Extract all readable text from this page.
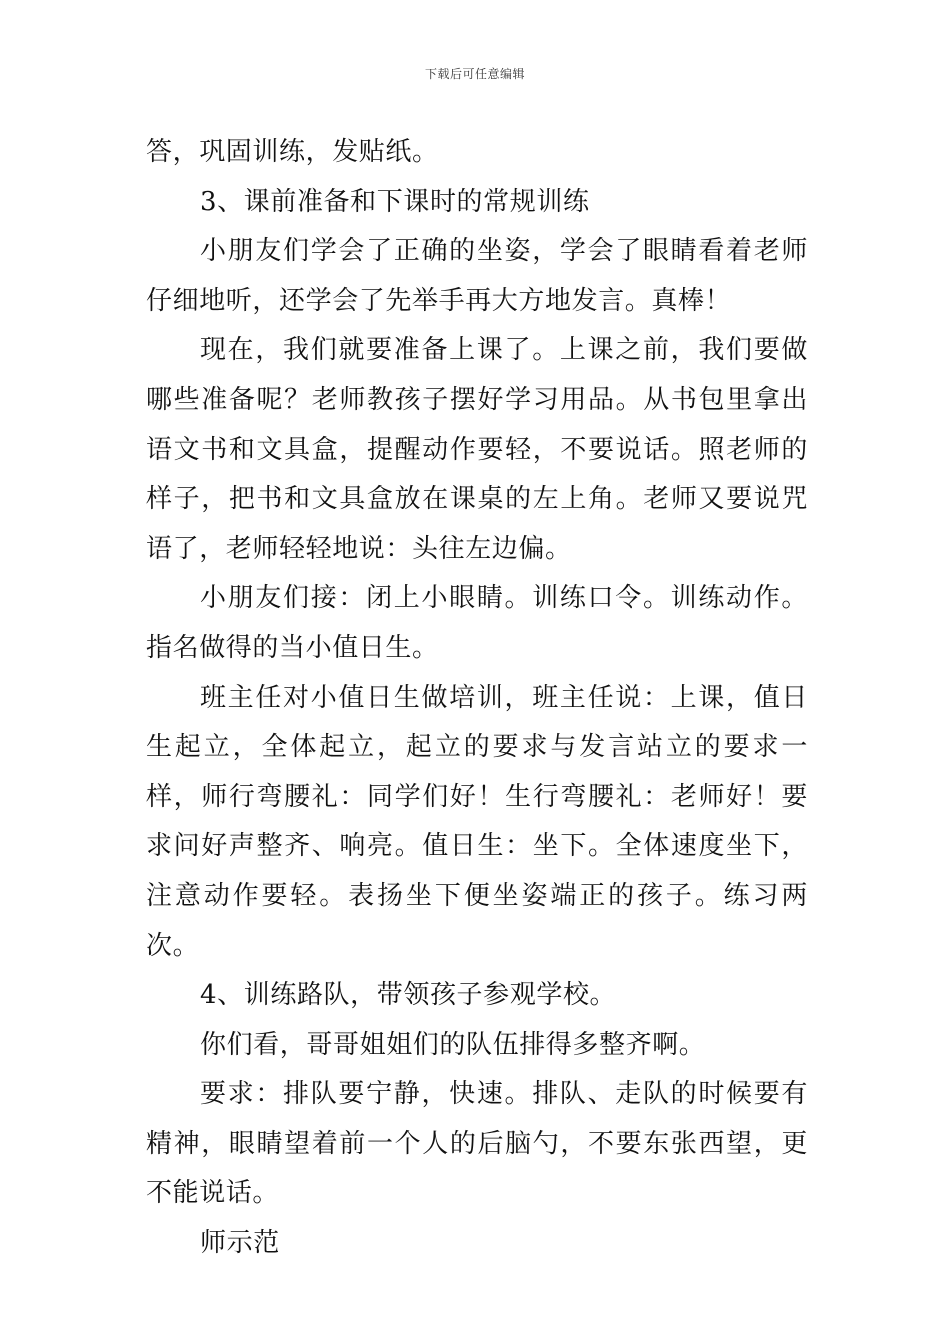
下载后可任意编辑

答，巩固训练，发贴纸。

3、课前准备和下课时的常规训练

小朋友们学会了正确的坐姿，学会了眼睛看着老师仔细地听，还学会了先举手再大方地发言。真棒！

现在，我们就要准备上课了。上课之前，我们要做哪些准备呢？老师教孩子摆好学习用品。从书包里拿出语文书和文具盒，提醒动作要轻，不要说话。照老师的样子，把书和文具盒放在课桌的左上角。老师又要说咒语了，老师轻轻地说：头往左边偏。

小朋友们接：闭上小眼睛。训练口令。训练动作。指名做得的当小值日生。

班主任对小值日生做培训，班主任说：上课，值日生起立，全体起立，起立的要求与发言站立的要求一样，师行弯腰礼：同学们好！生行弯腰礼：老师好！要求问好声整齐、响亮。值日生：坐下。全体速度坐下，注意动作要轻。表扬坐下便坐姿端正的孩子。练习两次。

4、训练路队，带领孩子参观学校。

你们看，哥哥姐姐们的队伍排得多整齐啊。

要求：排队要宁静，快速。排队、走队的时候要有精神，眼睛望着前一个人的后脑勺，不要东张西望，更不能说话。

师示范
